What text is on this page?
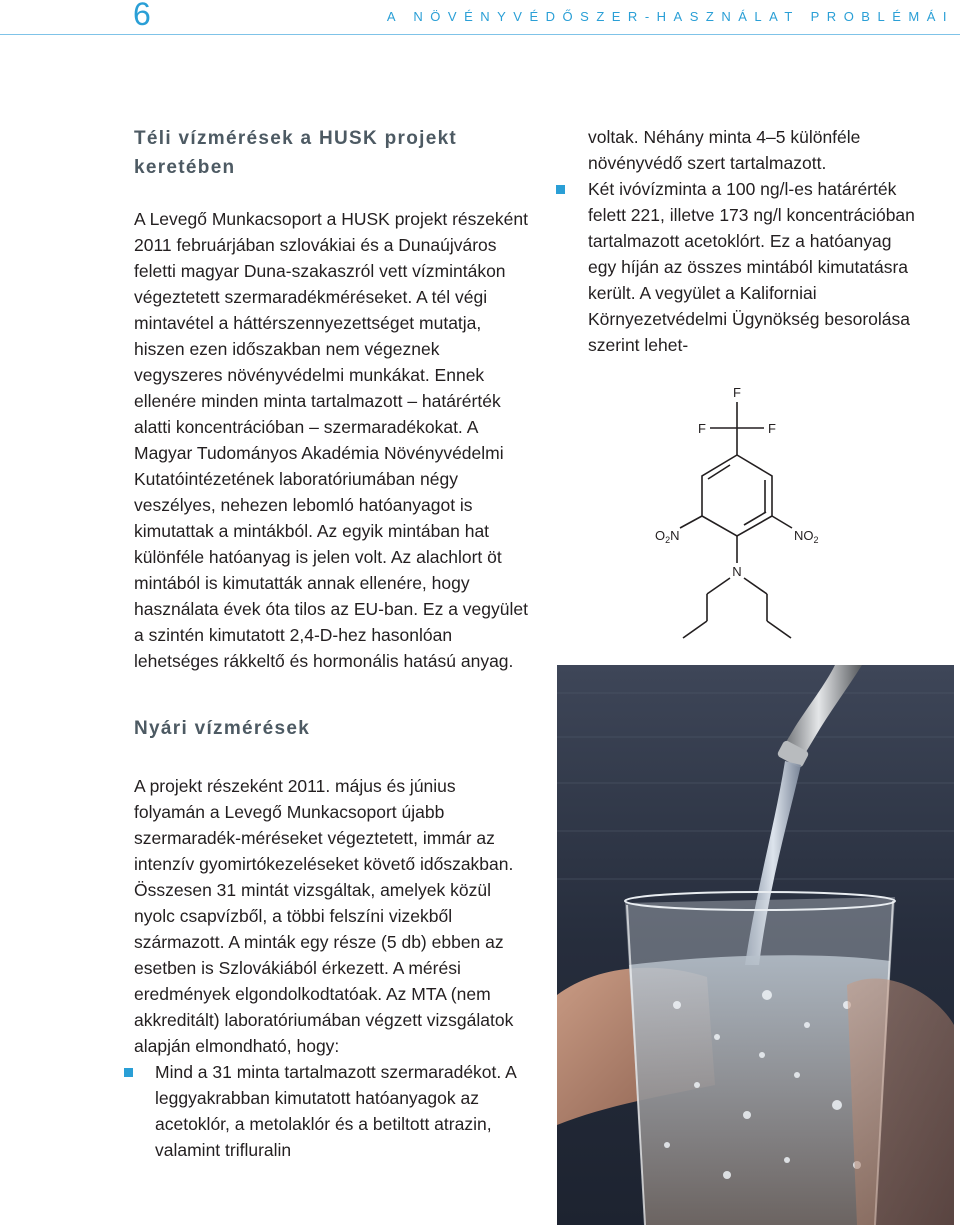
6	A NÖVÉNYVÉDŐSZER-HASZNÁLAT PROBLÉMÁI
Téli vízmérések a HUSK projekt keretében

A Levegő Munkacsoport a HUSK projekt részeként 2011 februárjában szlovákiai és a Dunaújváros feletti magyar Duna-szakaszról vett vízmintákon végeztetett szermaradékméréseket. A tél végi mintavétel a háttérszennyezettséget mutatja, hiszen ezen időszakban nem végeznek vegyszeres növényvédelmi munkákat. Ennek ellenére minden minta tartalmazott – határérték alatti koncentrációban – szermaradékokat. A Magyar Tudományos Akadémia Növényvédelmi Kutatóintézetének laboratóriumában négy veszélyes, nehezen lebomló hatóanyagot is kimutattak a mintákból. Az egyik mintában hat különféle hatóanyag is jelen volt. Az alachlort öt mintából is kimutatták annak ellenére, hogy használata évek óta tilos az EU-ban. Ez a vegyület a szintén kimutatott 2,4-D-hez hasonlóan lehetséges rákkeltő és hormonális hatású anyag.

Nyári vízmérések

A projekt részeként 2011. május és június folyamán a Levegő Munkacsoport újabb szermaradék-méréseket végeztetett, immár az intenzív gyomirtókezeléseket követő időszakban. Összesen 31 mintát vizsgáltak, amelyek közül nyolc csapvízből, a többi felszíni vizekből származott. A minták egy része (5 db) ebben az esetben is Szlovákiából érkezett. A mérési eredmények elgondolkodtatóak. Az MTA (nem akkreditált) laboratóriumában végzett vizsgálatok alapján elmondható, hogy:

Mind a 31 minta tartalmazott szermaradékot. A leggyakrabban kimutatott hatóanyagok az acetoklór, a metolaklór és a betiltott atrazin, valamint trifluralin

voltak. Néhány minta 4–5 különféle növényvédő szert tartalmazott.

Két ivóvízminta a 100 ng/l-es határérték felett 221, illetve 173 ng/l koncentrációban tartalmazott acetoklórt. Ez a hatóanyag egy híján az összes mintából kimutatásra került. A vegyület a Kaliforniai Környezetvédelmi Ügynökség besorolása szerint lehet-
F
F	F
N
$O_2N$	$NO_2$
